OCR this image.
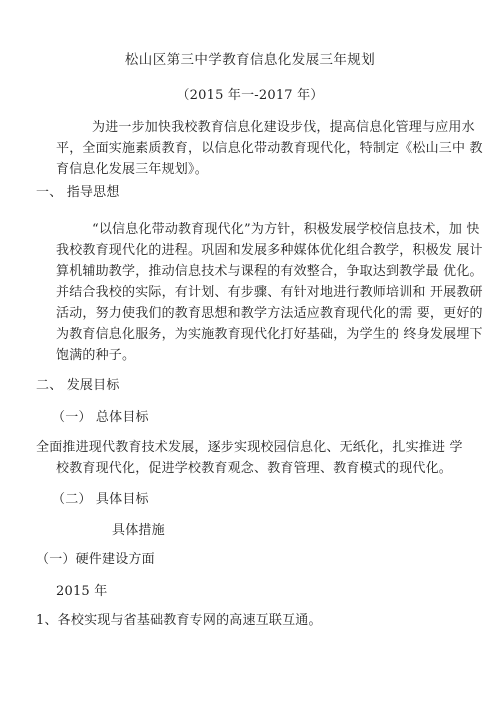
松山区第三中学教育信息化发展三年规划
（2015 年一-2017 年）
为进一步加快我校教育信息化建设步伐，提高信息化管理与应用水
平，全面实施素质教育，以信息化带动教育现代化，特制定《松山三中 教
育信息化发展三年规划》。
一、 指导思想
“以信息化带动教育现代化”为方针，积极发展学校信息技术，加 快
我校教育现代化的进程。巩固和发展多种媒体优化组合教学，积极发 展计
算机辅助教学，推动信息技术与课程的有效整合，争取达到教学最 优化。
并结合我校的实际，有计划、有步骤、有针对地进行教师培训和 开展教研
活动，努力使我们的教育思想和教学方法适应教育现代化的需 要，更好的
为教育信息化服务，为实施教育现代化打好基础，为学生的 终身发展埋下
饱满的种子。
二、 发展目标
（一） 总体目标
全面推进现代教育技术发展，逐步实现校园信息化、无纸化，扎实推进 学
校教育现代化，促进学校教育观念、教育管理、教育模式的现代化。
（二） 具体目标
具体措施
（一）硬件建设方面
2015 年
1、各校实现与省基础教育专网的高速互联互通。
